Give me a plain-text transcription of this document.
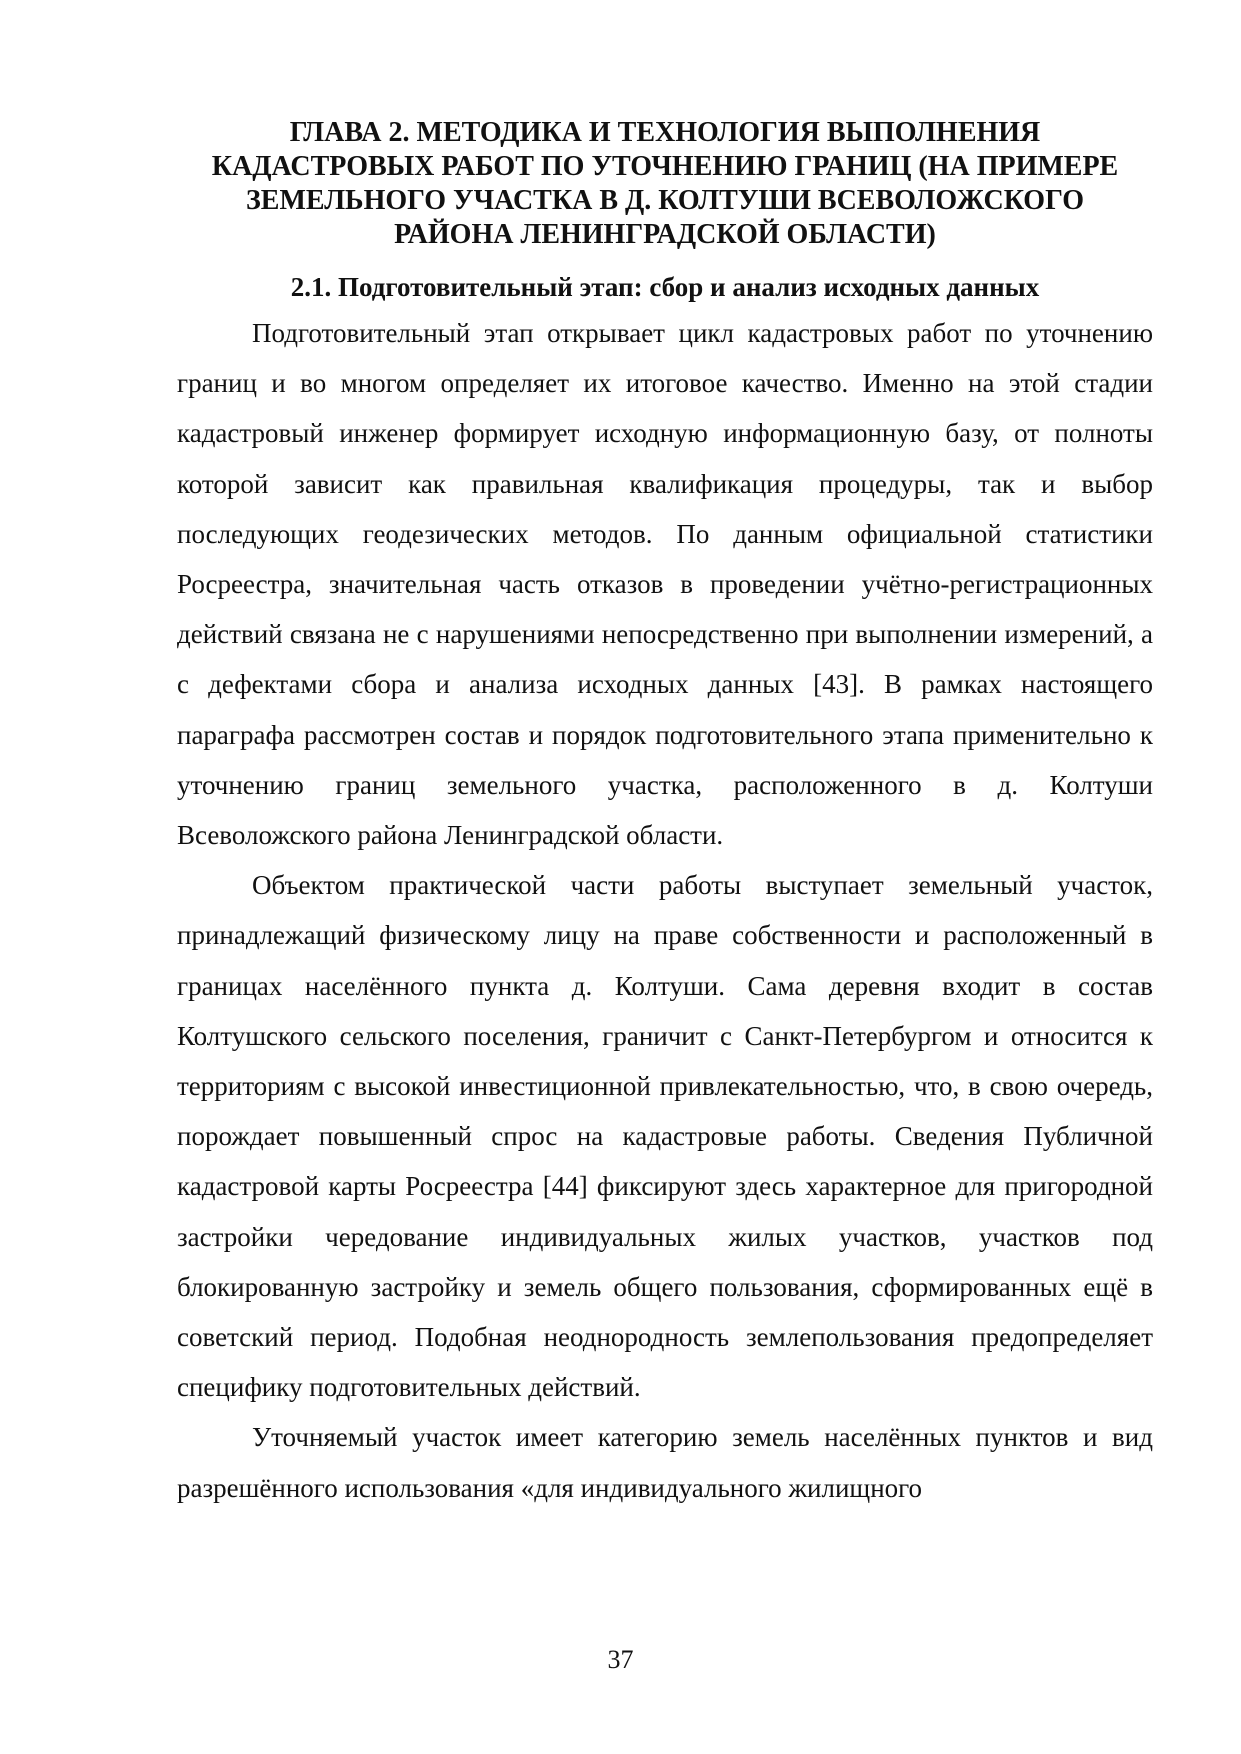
ГЛАВА 2. МЕТОДИКА И ТЕХНОЛОГИЯ ВЫПОЛНЕНИЯ КАДАСТРОВЫХ РАБОТ ПО УТОЧНЕНИЮ ГРАНИЦ (НА ПРИМЕРЕ ЗЕМЕЛЬНОГО УЧАСТКА В Д. КОЛТУШИ ВСЕВОЛОЖСКОГО РАЙОНА ЛЕНИНГРАДСКОЙ ОБЛАСТИ)
2.1. Подготовительный этап: сбор и анализ исходных данных

Подготовительный этап открывает цикл кадастровых работ по уточнению границ и во многом определяет их итоговое качество. Именно на этой стадии кадастровый инженер формирует исходную информационную базу, от полноты которой зависит как правильная квалификация процедуры, так и выбор последующих геодезических методов. По данным официальной статистики Росреестра, значительная часть отказов в проведении учётно-регистрационных действий связана не с нарушениями непосредственно при выполнении измерений, а с дефектами сбора и анализа исходных данных [43]. В рамках настоящего параграфа рассмотрен состав и порядок подготовительного этапа применительно к уточнению границ земельного участка, расположенного в д. Колтуши Всеволожского района Ленинградской области.

Объектом практической части работы выступает земельный участок, принадлежащий физическому лицу на праве собственности и расположенный в границах населённого пункта д. Колтуши. Сама деревня входит в состав Колтушского сельского поселения, граничит с Санкт-Петербургом и относится к территориям с высокой инвестиционной привлекательностью, что, в свою очередь, порождает повышенный спрос на кадастровые работы. Сведения Публичной кадастровой карты Росреестра [44] фиксируют здесь характерное для пригородной застройки чередование индивидуальных жилых участков, участков под блокированную застройку и земель общего пользования, сформированных ещё в советский период. Подобная неоднородность землепользования предопределяет специфику подготовительных действий.

Уточняемый участок имеет категорию земель населённых пунктов и вид разрешённого использования «для индивидуального жилищного

37
